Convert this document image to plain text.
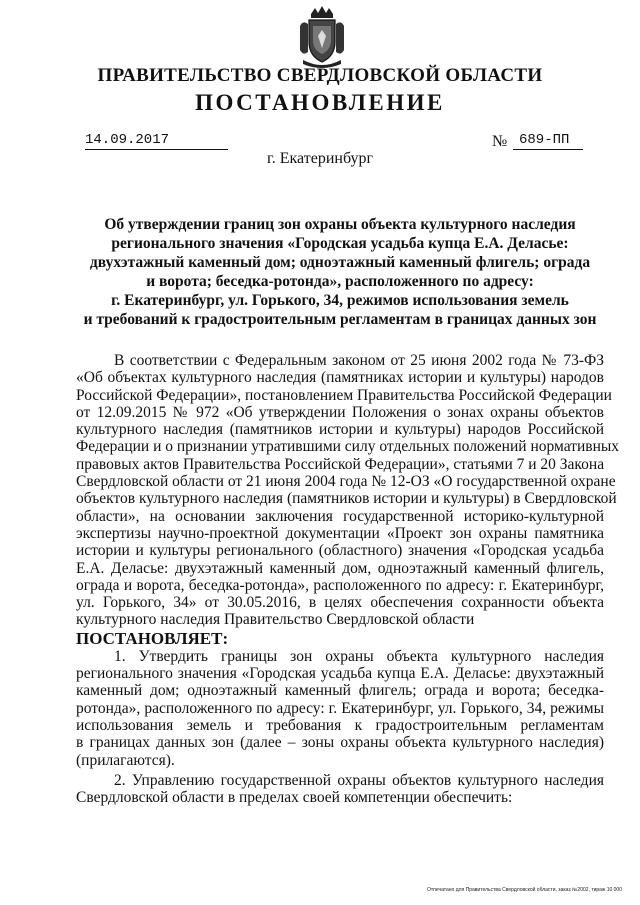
ПРАВИТЕЛЬСТВО СВЕРДЛОВСКОЙ ОБЛАСТИ
ПОСТАНОВЛЕНИЕ
14.09.2017	№ 689-ПП
г. Екатеринбург
Об утверждении границ зон охраны объекта культурного наследия
регионального значения «Городская усадьба купца Е.А. Деласье:
двухэтажный каменный дом; одноэтажный каменный флигель; ограда
и ворота; беседка-ротонда», расположенного по адресу:
г. Екатеринбург, ул. Горького, 34, режимов использования земель
и требований к градостроительным регламентам в границах данных зон
В соответствии с Федеральным законом от 25 июня 2002 года № 73-ФЗ
«Об объектах культурного наследия (памятниках истории и культуры) народов
Российской Федерации», постановлением Правительства Российской Федерации
от 12.09.2015 № 972 «Об утверждении Положения о зонах охраны объектов
культурного наследия (памятников истории и культуры) народов Российской
Федерации и о признании утратившими силу отдельных положений нормативных
правовых актов Правительства Российской Федерации», статьями 7 и 20 Закона
Свердловской области от 21 июня 2004 года № 12-ОЗ «О государственной охране
объектов культурного наследия (памятников истории и культуры) в Свердловской
области», на основании заключения государственной историко-культурной
экспертизы научно-проектной документации «Проект зон охраны памятника
истории и культуры регионального (областного) значения «Городская усадьба
Е.А. Деласье: двухэтажный каменный дом, одноэтажный каменный флигель,
ограда и ворота, беседка-ротонда», расположенного по адресу: г. Екатеринбург,
ул. Горького, 34» от 30.05.2016, в целях обеспечения сохранности объекта
культурного наследия Правительство Свердловской области

ПОСТАНОВЛЯЕТ:

1. Утвердить границы зон охраны объекта культурного наследия
регионального значения «Городская усадьба купца Е.А. Деласье: двухэтажный
каменный дом; одноэтажный каменный флигель; ограда и ворота; беседка-
ротонда», расположенного по адресу: г. Екатеринбург, ул. Горького, 34, режимы
использования земель и требования к градостроительным регламентам
в границах данных зон (далее – зоны охраны объекта культурного наследия)
(прилагаются).
2. Управлению государственной охраны объектов культурного наследия
Свердловской области в пределах своей компетенции обеспечить:
Отпечатано для Правительства Свердловской области, заказ №2002, тираж 10 000
